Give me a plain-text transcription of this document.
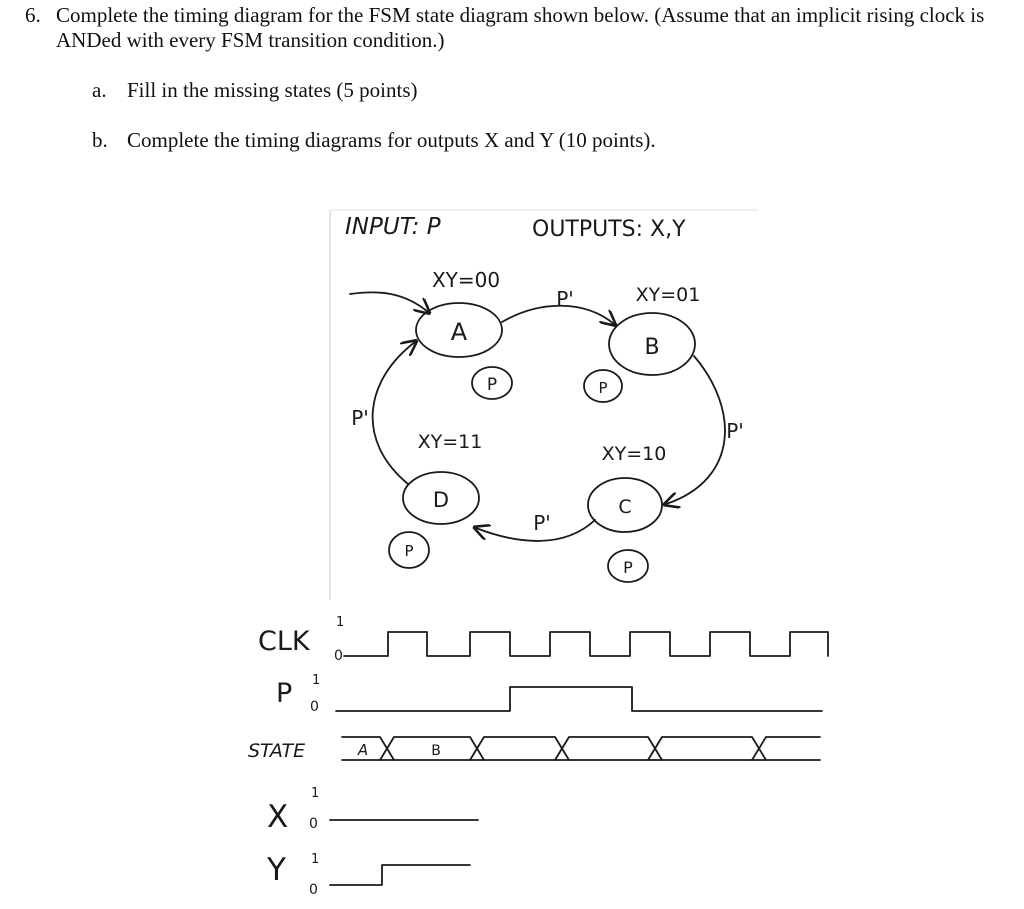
6. Complete the timing diagram for the FSM state diagram shown below. (Assume that an implicit rising clock is ANDed with every FSM transition condition.)
a. Fill in the missing states (5 points)
b. Complete the timing diagrams for outputs X and Y (10 points).
INPUT: P	OUTPUTS: X,Y
A
XY=00
P
B
XY=01
P
C
XY=10
P
D
XY=11
P
P'
P'
P'
P'
CLK
P
STATE
X
Y
1
0
1
0
1
0
1
0
A	B
